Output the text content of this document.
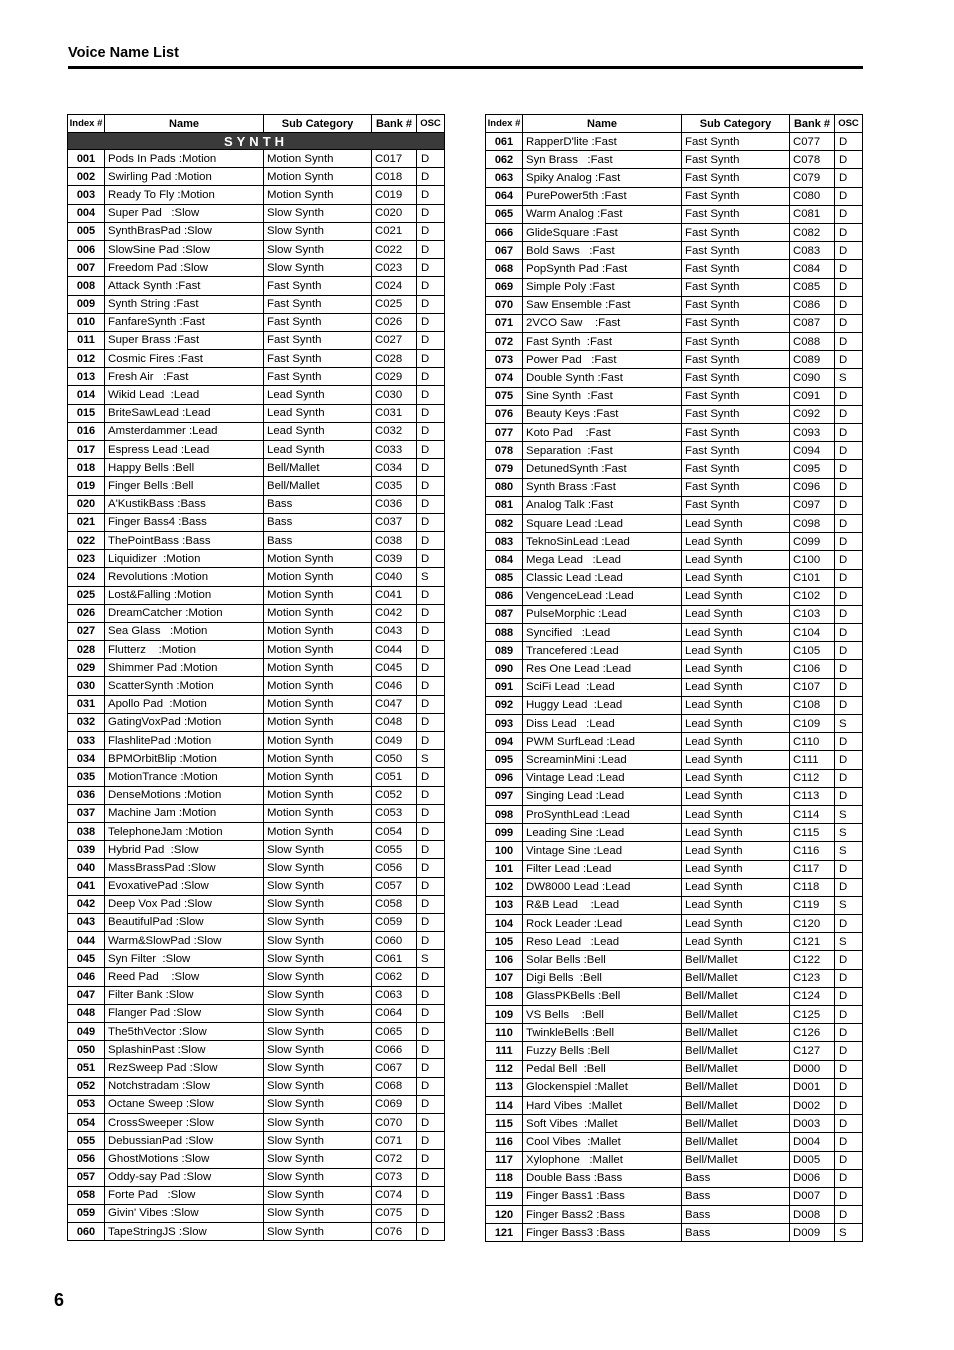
Voice Name List
Index #	Name	Sub Category	Bank #	OSC
SYNTH				
001	Pods In Pads :Motion	Motion Synth	C017	D
002	Swirling Pad :Motion	Motion Synth	C018	D
003	Ready To Fly :Motion	Motion Synth	C019	D
004	Super Pad   :Slow	Slow Synth	C020	D
005	SynthBrasPad :Slow	Slow Synth	C021	D
006	SlowSine Pad :Slow	Slow Synth	C022	D
007	Freedom Pad :Slow	Slow Synth	C023	D
008	Attack Synth :Fast	Fast Synth	C024	D
009	Synth String :Fast	Fast Synth	C025	D
010	FanfareSynth :Fast	Fast Synth	C026	D
011	Super Brass :Fast	Fast Synth	C027	D
012	Cosmic Fires :Fast	Fast Synth	C028	D
013	Fresh Air   :Fast	Fast Synth	C029	D
014	Wikid Lead  :Lead	Lead Synth	C030	D
015	BriteSawLead :Lead	Lead Synth	C031	D
016	Amsterdammer :Lead	Lead Synth	C032	D
017	Espress Lead :Lead	Lead Synth	C033	D
018	Happy Bells :Bell	Bell/Mallet	C034	D
019	Finger Bells :Bell	Bell/Mallet	C035	D
020	A'KustikBass :Bass	Bass	C036	D
021	Finger Bass4 :Bass	Bass	C037	D
022	ThePointBass :Bass	Bass	C038	D
023	Liquidizer  :Motion	Motion Synth	C039	D
024	Revolutions :Motion	Motion Synth	C040	S
025	Lost&Falling :Motion	Motion Synth	C041	D
026	DreamCatcher :Motion	Motion Synth	C042	D
027	Sea Glass   :Motion	Motion Synth	C043	D
028	Flutterz    :Motion	Motion Synth	C044	D
029	Shimmer Pad :Motion	Motion Synth	C045	D
030	ScatterSynth :Motion	Motion Synth	C046	D
031	Apollo Pad  :Motion	Motion Synth	C047	D
032	GatingVoxPad :Motion	Motion Synth	C048	D
033	FlashlitePad :Motion	Motion Synth	C049	D
034	BPMOrbitBlip :Motion	Motion Synth	C050	S
035	MotionTrance :Motion	Motion Synth	C051	D
036	DenseMotions :Motion	Motion Synth	C052	D
037	Machine Jam :Motion	Motion Synth	C053	D
038	TelephoneJam :Motion	Motion Synth	C054	D
039	Hybrid Pad  :Slow	Slow Synth	C055	D
040	MassBrassPad :Slow	Slow Synth	C056	D
041	EvoxativePad :Slow	Slow Synth	C057	D
042	Deep Vox Pad :Slow	Slow Synth	C058	D
043	BeautifulPad :Slow	Slow Synth	C059	D
044	Warm&SlowPad :Slow	Slow Synth	C060	D
045	Syn Filter  :Slow	Slow Synth	C061	S
046	Reed Pad    :Slow	Slow Synth	C062	D
047	Filter Bank :Slow	Slow Synth	C063	D
048	Flanger Pad :Slow	Slow Synth	C064	D
049	The5thVector :Slow	Slow Synth	C065	D
050	SplashinPast :Slow	Slow Synth	C066	D
051	RezSweep Pad :Slow	Slow Synth	C067	D
052	Notchstradam :Slow	Slow Synth	C068	D
053	Octane Sweep :Slow	Slow Synth	C069	D
054	CrossSweeper :Slow	Slow Synth	C070	D
055	DebussianPad :Slow	Slow Synth	C071	D
056	GhostMotions :Slow	Slow Synth	C072	D
057	Oddy-say Pad :Slow	Slow Synth	C073	D
058	Forte Pad   :Slow	Slow Synth	C074	D
059	Givin' Vibes :Slow	Slow Synth	C075	D
060	TapeStringJS :Slow	Slow Synth	C076	D
Index #	Name	Sub Category	Bank #	OSC
061	RapperD'lite :Fast	Fast Synth	C077	D
062	Syn Brass   :Fast	Fast Synth	C078	D
063	Spiky Analog :Fast	Fast Synth	C079	D
064	PurePower5th :Fast	Fast Synth	C080	D
065	Warm Analog :Fast	Fast Synth	C081	D
066	GlideSquare :Fast	Fast Synth	C082	D
067	Bold Saws   :Fast	Fast Synth	C083	D
068	PopSynth Pad :Fast	Fast Synth	C084	D
069	Simple Poly :Fast	Fast Synth	C085	D
070	Saw Ensemble :Fast	Fast Synth	C086	D
071	2VCO Saw    :Fast	Fast Synth	C087	D
072	Fast Synth  :Fast	Fast Synth	C088	D
073	Power Pad   :Fast	Fast Synth	C089	D
074	Double Synth :Fast	Fast Synth	C090	S
075	Sine Synth  :Fast	Fast Synth	C091	D
076	Beauty Keys :Fast	Fast Synth	C092	D
077	Koto Pad    :Fast	Fast Synth	C093	D
078	Separation  :Fast	Fast Synth	C094	D
079	DetunedSynth :Fast	Fast Synth	C095	D
080	Synth Brass :Fast	Fast Synth	C096	D
081	Analog Talk :Fast	Fast Synth	C097	D
082	Square Lead :Lead	Lead Synth	C098	D
083	TeknoSinLead :Lead	Lead Synth	C099	D
084	Mega Lead   :Lead	Lead Synth	C100	D
085	Classic Lead :Lead	Lead Synth	C101	D
086	VengenceLead :Lead	Lead Synth	C102	D
087	PulseMorphic :Lead	Lead Synth	C103	D
088	Syncified   :Lead	Lead Synth	C104	D
089	Trancefered :Lead	Lead Synth	C105	D
090	Res One Lead :Lead	Lead Synth	C106	D
091	SciFi Lead  :Lead	Lead Synth	C107	D
092	Huggy Lead  :Lead	Lead Synth	C108	D
093	Diss Lead   :Lead	Lead Synth	C109	S
094	PWM SurfLead :Lead	Lead Synth	C110	D
095	ScreaminMini :Lead	Lead Synth	C111	D
096	Vintage Lead :Lead	Lead Synth	C112	D
097	Singing Lead :Lead	Lead Synth	C113	D
098	ProSynthLead :Lead	Lead Synth	C114	S
099	Leading Sine :Lead	Lead Synth	C115	S
100	Vintage Sine :Lead	Lead Synth	C116	S
101	Filter Lead :Lead	Lead Synth	C117	D
102	DW8000 Lead :Lead	Lead Synth	C118	D
103	R&B Lead    :Lead	Lead Synth	C119	S
104	Rock Leader :Lead	Lead Synth	C120	D
105	Reso Lead   :Lead	Lead Synth	C121	S
106	Solar Bells :Bell	Bell/Mallet	C122	D
107	Digi Bells  :Bell	Bell/Mallet	C123	D
108	GlassPKBells :Bell	Bell/Mallet	C124	D
109	VS Bells    :Bell	Bell/Mallet	C125	D
110	TwinkleBells :Bell	Bell/Mallet	C126	D
111	Fuzzy Bells :Bell	Bell/Mallet	C127	D
112	Pedal Bell  :Bell	Bell/Mallet	D000	D
113	Glockenspiel :Mallet	Bell/Mallet	D001	D
114	Hard Vibes  :Mallet	Bell/Mallet	D002	D
115	Soft Vibes  :Mallet	Bell/Mallet	D003	D
116	Cool Vibes  :Mallet	Bell/Mallet	D004	D
117	Xylophone   :Mallet	Bell/Mallet	D005	D
118	Double Bass :Bass	Bass	D006	D
119	Finger Bass1 :Bass	Bass	D007	D
120	Finger Bass2 :Bass	Bass	D008	D
121	Finger Bass3 :Bass	Bass	D009	S
6
